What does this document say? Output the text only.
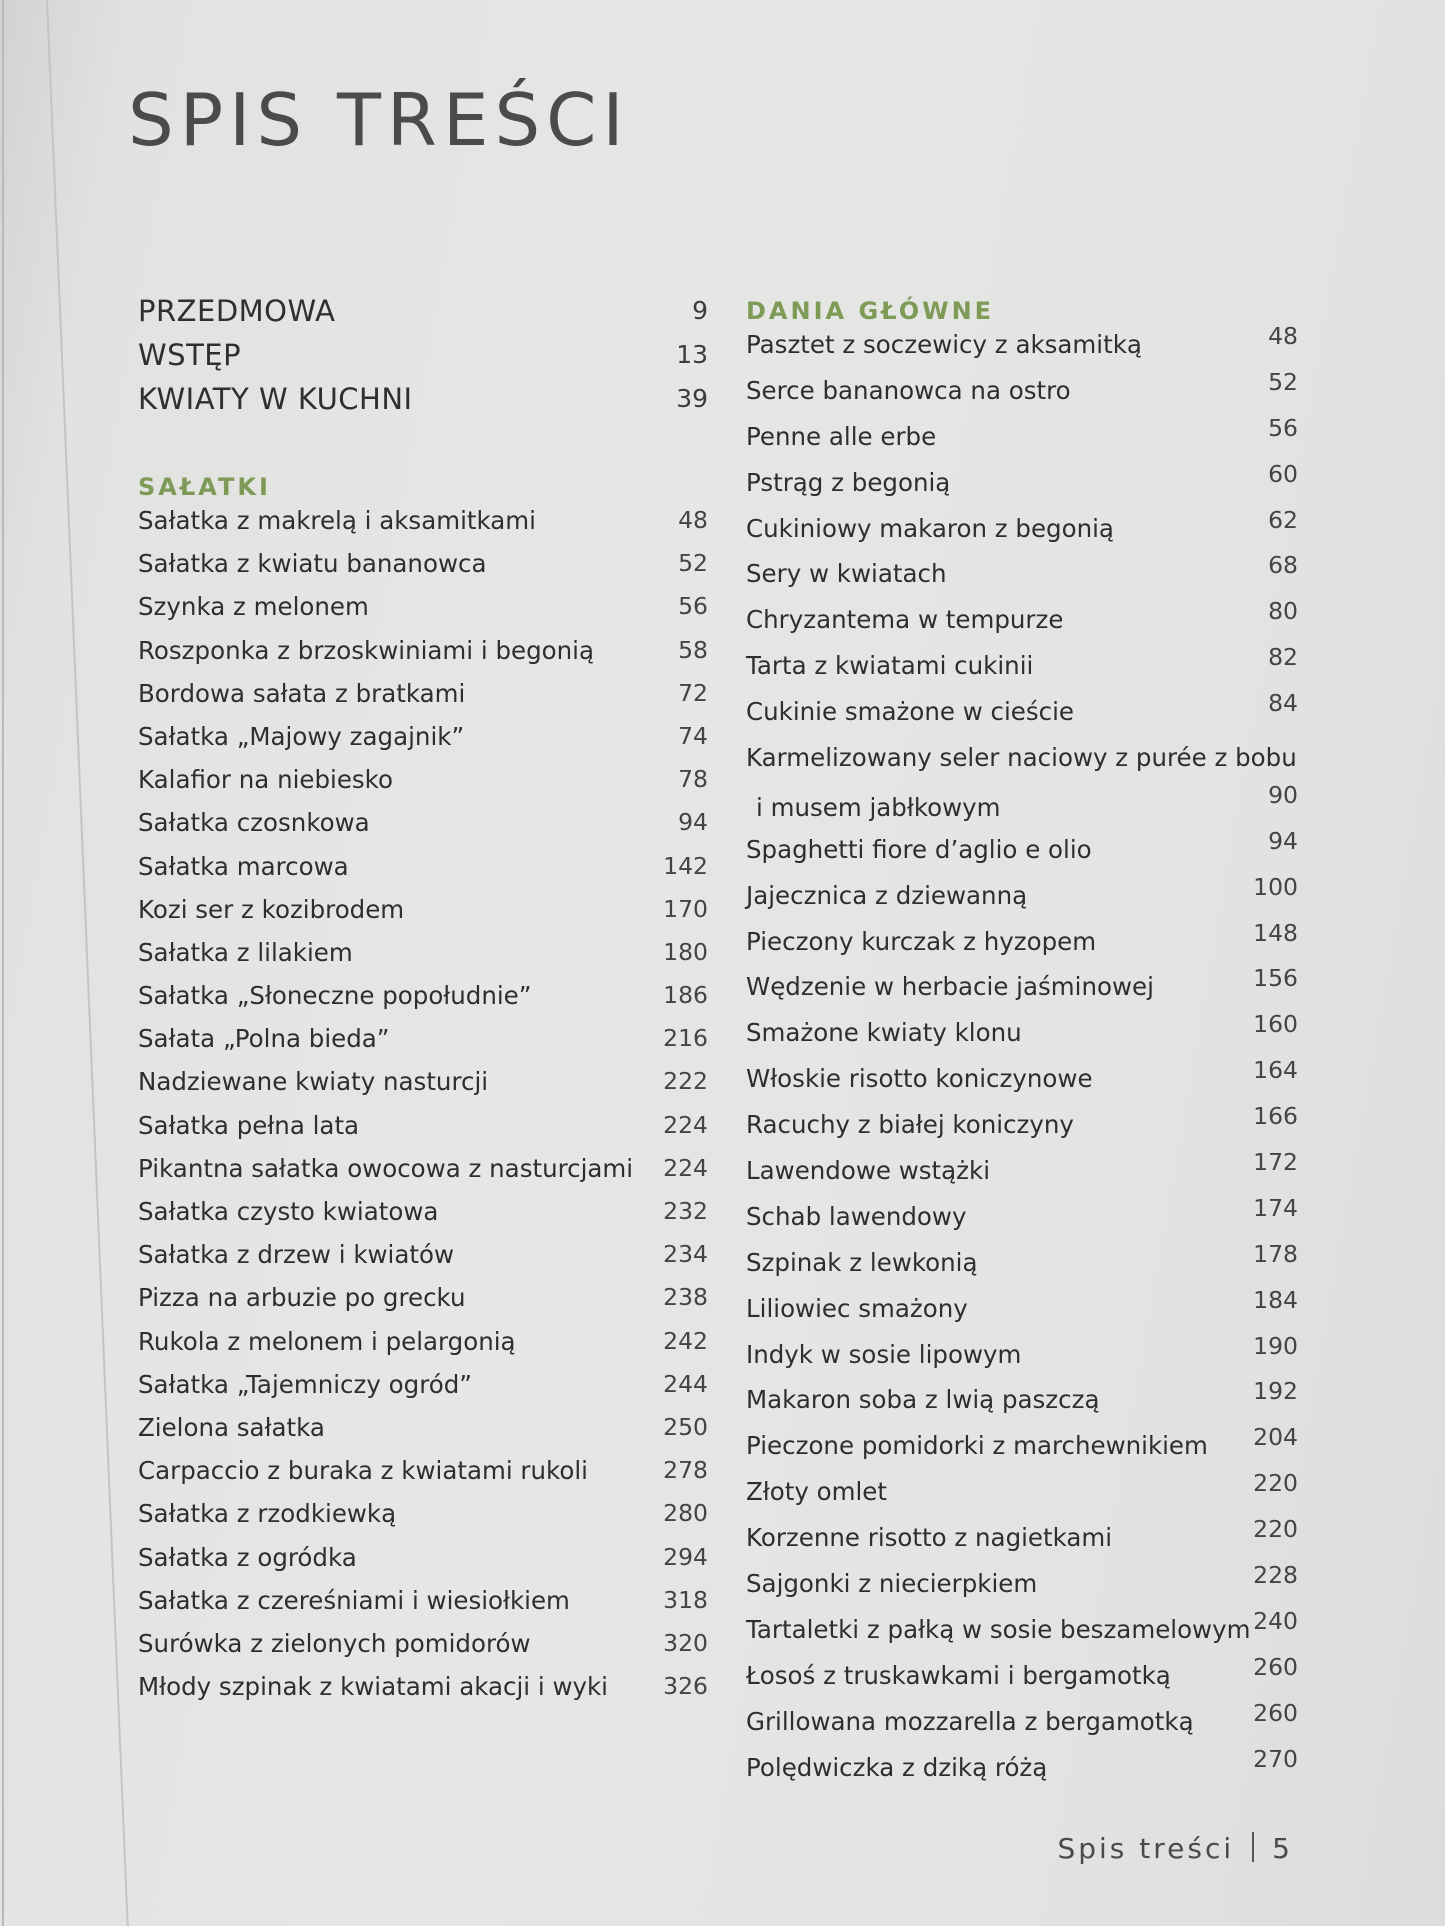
SPIS TREŚCI
PRZEDMOWA	9
WSTĘP	13
KWIATY W KUCHNI	39
SAŁATKI
Sałatka z makrelą i aksamitkami	48
Sałatka z kwiatu bananowca	52
Szynka z melonem	56
Roszponka z brzoskwiniami i begonią	58
Bordowa sałata z bratkami	72
Sałatka „Majowy zagajnik”	74
Kalafior na niebiesko	78
Sałatka czosnkowa	94
Sałatka marcowa	142
Kozi ser z kozibrodem	170
Sałatka z lilakiem	180
Sałatka „Słoneczne popołudnie”	186
Sałata „Polna bieda”	216
Nadziewane kwiaty nasturcji	222
Sałatka pełna lata	224
Pikantna sałatka owocowa z nasturcjami	224
Sałatka czysto kwiatowa	232
Sałatka z drzew i kwiatów	234
Pizza na arbuzie po grecku	238
Rukola z melonem i pelargonią	242
Sałatka „Tajemniczy ogród”	244
Zielona sałatka	250
Carpaccio z buraka z kwiatami rukoli	278
Sałatka z rzodkiewką	280
Sałatka z ogródka	294
Sałatka z czereśniami i wiesiołkiem	318
Surówka z zielonych pomidorów	320
Młody szpinak z kwiatami akacji i wyki	326
DANIA GŁÓWNE
Pasztet z soczewicy z aksamitką	48
Serce bananowca na ostro	52
Penne alle erbe	56
Pstrąg z begonią	60
Cukiniowy makaron z begonią	62
Sery w kwiatach	68
Chryzantema w tempurze	80
Tarta z kwiatami cukinii	82
Cukinie smażone w cieście	84
Karmelizowany seler naciowy z purée z bobu
i musem jabłkowym	90
Spaghetti fiore d’aglio e olio	94
Jajecznica z dziewanną	100
Pieczony kurczak z hyzopem	148
Wędzenie w herbacie jaśminowej	156
Smażone kwiaty klonu	160
Włoskie risotto koniczynowe	164
Racuchy z białej koniczyny	166
Lawendowe wstążki	172
Schab lawendowy	174
Szpinak z lewkonią	178
Liliowiec smażony	184
Indyk w sosie lipowym	190
Makaron soba z lwią paszczą	192
Pieczone pomidorki z marchewnikiem	204
Złoty omlet	220
Korzenne risotto z nagietkami	220
Sajgonki z niecierpkiem	228
Tartaletki z pałką w sosie beszamelowym 240
Łosoś z truskawkami i bergamotką	260
Grillowana mozzarella z bergamotką	260
Polędwiczka z dziką różą	270
Spis treści 5
